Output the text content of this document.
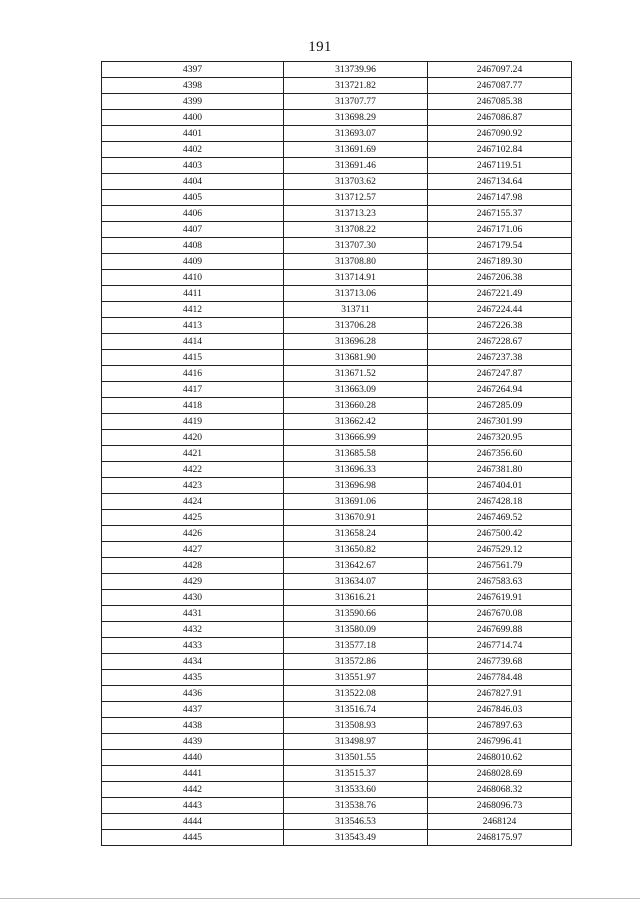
191
4397	313739.96	2467097.24
4398	313721.82	2467087.77
4399	313707.77	2467085.38
4400	313698.29	2467086.87
4401	313693.07	2467090.92
4402	313691.69	2467102.84
4403	313691.46	2467119.51
4404	313703.62	2467134.64
4405	313712.57	2467147.98
4406	313713.23	2467155.37
4407	313708.22	2467171.06
4408	313707.30	2467179.54
4409	313708.80	2467189.30
4410	313714.91	2467206.38
4411	313713.06	2467221.49
4412	313711	2467224.44
4413	313706.28	2467226.38
4414	313696.28	2467228.67
4415	313681.90	2467237.38
4416	313671.52	2467247.87
4417	313663.09	2467264.94
4418	313660.28	2467285.09
4419	313662.42	2467301.99
4420	313666.99	2467320.95
4421	313685.58	2467356.60
4422	313696.33	2467381.80
4423	313696.98	2467404.01
4424	313691.06	2467428.18
4425	313670.91	2467469.52
4426	313658.24	2467500.42
4427	313650.82	2467529.12
4428	313642.67	2467561.79
4429	313634.07	2467583.63
4430	313616.21	2467619.91
4431	313590.66	2467670.08
4432	313580.09	2467699.88
4433	313577.18	2467714.74
4434	313572.86	2467739.68
4435	313551.97	2467784.48
4436	313522.08	2467827.91
4437	313516.74	2467846.03
4438	313508.93	2467897.63
4439	313498.97	2467996.41
4440	313501.55	2468010.62
4441	313515.37	2468028.69
4442	313533.60	2468068.32
4443	313538.76	2468096.73
4444	313546.53	2468124
4445	313543.49	2468175.97
